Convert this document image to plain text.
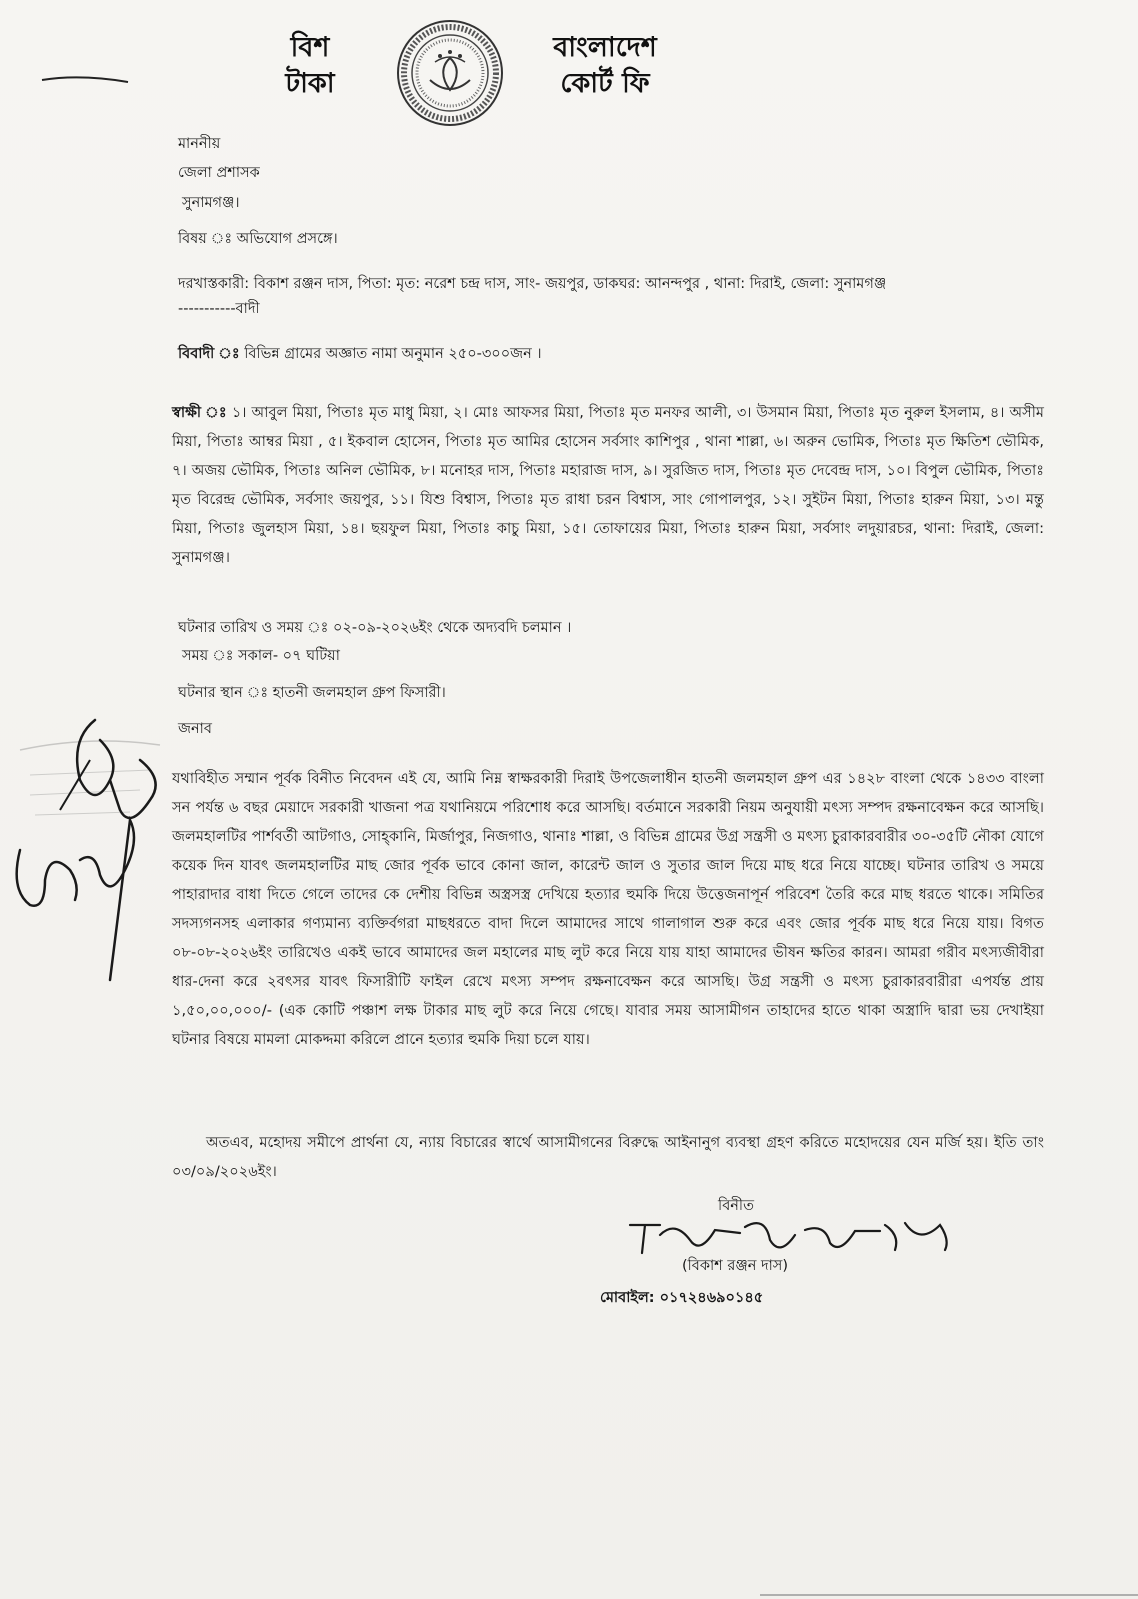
বিশ
টাকা
বাংলাদেশ
কোর্ট ফি
মাননীয়
জেলা প্রশাসক
সুনামগঞ্জ।
বিষয় ঃ অভিযোগ প্রসঙ্গে।
দরখাস্তকারী: বিকাশ রঞ্জন দাস, পিতা: মৃত: নরেশ চন্দ্র দাস, সাং- জয়পুর, ডাকঘর: আনন্দপুর , থানা: দিরাই, জেলা: সুনামগঞ্জ
-----------বাদী
বিবাদী ঃ বিভিন্ন গ্রামের অজ্ঞাত নামা অনুমান ২৫০-৩০০জন ।
স্বাক্ষী ঃ ১। আবুল মিয়া, পিতাঃ মৃত মাধু মিয়া, ২। মোঃ আফসর মিয়া, পিতাঃ মৃত মনফর আলী, ৩। উসমান মিয়া, পিতাঃ মৃত নুরুল ইসলাম, ৪। অসীম মিয়া, পিতাঃ আম্বর মিয়া , ৫। ইকবাল হোসেন, পিতাঃ মৃত আমির হোসেন সর্বসাং কাশিপুর , থানা শাল্লা, ৬। অরুন ভোমিক, পিতাঃ মৃত ক্ষিতিশ ভৌমিক, ৭। অজয় ভৌমিক, পিতাঃ অনিল ভৌমিক, ৮। মনোহর দাস, পিতাঃ মহারাজ দাস, ৯। সুরজিত দাস, পিতাঃ মৃত দেবেন্দ্র দাস, ১০। বিপুল ভৌমিক, পিতাঃ মৃত বিরেন্দ্র ভৌমিক, সর্বসাং জয়পুর, ১১। যিশু বিশ্বাস, পিতাঃ মৃত রাধা চরন বিশ্বাস, সাং গোপালপুর, ১২। সুইটন মিয়া, পিতাঃ হারুন মিয়া, ১৩। মন্তু মিয়া, পিতাঃ জুলহাস মিয়া, ১৪। ছয়ফুল মিয়া, পিতাঃ কাচু মিয়া, ১৫। তোফায়ের মিয়া, পিতাঃ হারুন মিয়া, সর্বসাং লদুয়ারচর, থানা: দিরাই, জেলা: সুনামগঞ্জ।
ঘটনার তারিখ ও সময় ঃ ০২-০৯-২০২৬ইং থেকে অদ্যবদি চলমান ।
সময় ঃ সকাল- ০৭ ঘটিয়া
ঘটনার স্থান ঃ হাতনী জলমহাল গ্রুপ ফিসারী।
জনাব
যথাবিহীত সম্মান পূর্বক বিনীত নিবেদন এই যে, আমি নিম্ন স্বাক্ষরকারী দিরাই উপজেলাধীন হাতনী জলমহাল গ্রুপ এর ১৪২৮ বাংলা থেকে ১৪৩৩ বাংলা সন পর্যন্ত ৬ বছর মেয়াদে সরকারী খাজনা পত্র যথানিয়মে পরিশোধ করে আসছি। বর্তমানে সরকারী নিয়ম অনুযায়ী মৎস্য সম্পদ রক্ষনাবেক্ষন করে আসছি। জলমহালটির পার্শবর্তী আটগাও, সোহ্কানি, মির্জাপুর, নিজগাও, থানাঃ শাল্লা, ও বিভিন্ন গ্রামের উগ্র সন্ত্রসী ও মৎস্য চুরাকারবারীর ৩০-৩৫টি নৌকা যোগে কয়েক দিন যাবৎ জলমহালটির মাছ জোর পূর্বক ভাবে কোনা জাল, কারেন্ট জাল ও সুতার জাল দিয়ে মাছ ধরে নিয়ে যাচ্ছে। ঘটনার তারিখ ও সময়ে পাহারাদার বাধা দিতে গেলে তাদের কে দেশীয় বিভিন্ন অস্ত্রসস্ত্র দেখিয়ে হত্যার হুমকি দিয়ে উত্তেজনাপূর্ন পরিবেশ তৈরি করে মাছ ধরতে থাকে। সমিতির সদস্যগনসহ এলাকার গণ্যমান্য ব্যক্তির্বগরা মাছধরতে বাদা দিলে আমাদের সাথে গালাগাল শুরু করে এবং জোর পূর্বক মাছ ধরে নিয়ে যায়। বিগত ০৮-০৮-২০২৬ইং তারিখেও একই ভাবে আমাদের জল মহালের মাছ লুট করে নিয়ে যায় যাহা আমাদের ভীষন ক্ষতির কারন। আমরা গরীব মৎস্যজীবীরা ধার-দেনা করে ২বৎসর যাবৎ ফিসারীটি ফাইল রেখে মৎস্য সম্পদ রক্ষনাবেক্ষন করে আসছি। উগ্র সন্ত্রসী ও মৎস্য চুরাকারবারীরা এপর্যন্ত প্রায় ১,৫০,০০,০০০/- (এক কোটি পঞ্চাশ লক্ষ টাকার মাছ লুট করে নিয়ে গেছে। যাবার সময় আসামীগন তাহাদের হাতে থাকা অস্ত্রাদি দ্বারা ভয় দেখাইয়া ঘটনার বিষয়ে মামলা মোকদ্দমা করিলে প্রানে হত্যার হুমকি দিয়া চলে যায়।
অতএব, মহোদয় সমীপে প্রার্থনা যে, ন্যায় বিচারের স্বার্থে আসামীগনের বিরুদ্ধে আইনানুগ ব্যবস্থা গ্রহণ করিতে মহোদয়ের যেন মর্জি হয়। ইতি তাং ০৩/০৯/২০২৬ইং।
বিনীত
(বিকাশ রঞ্জন দাস)
মোবাইল: ০১৭২৪৬৯০১৪৫
